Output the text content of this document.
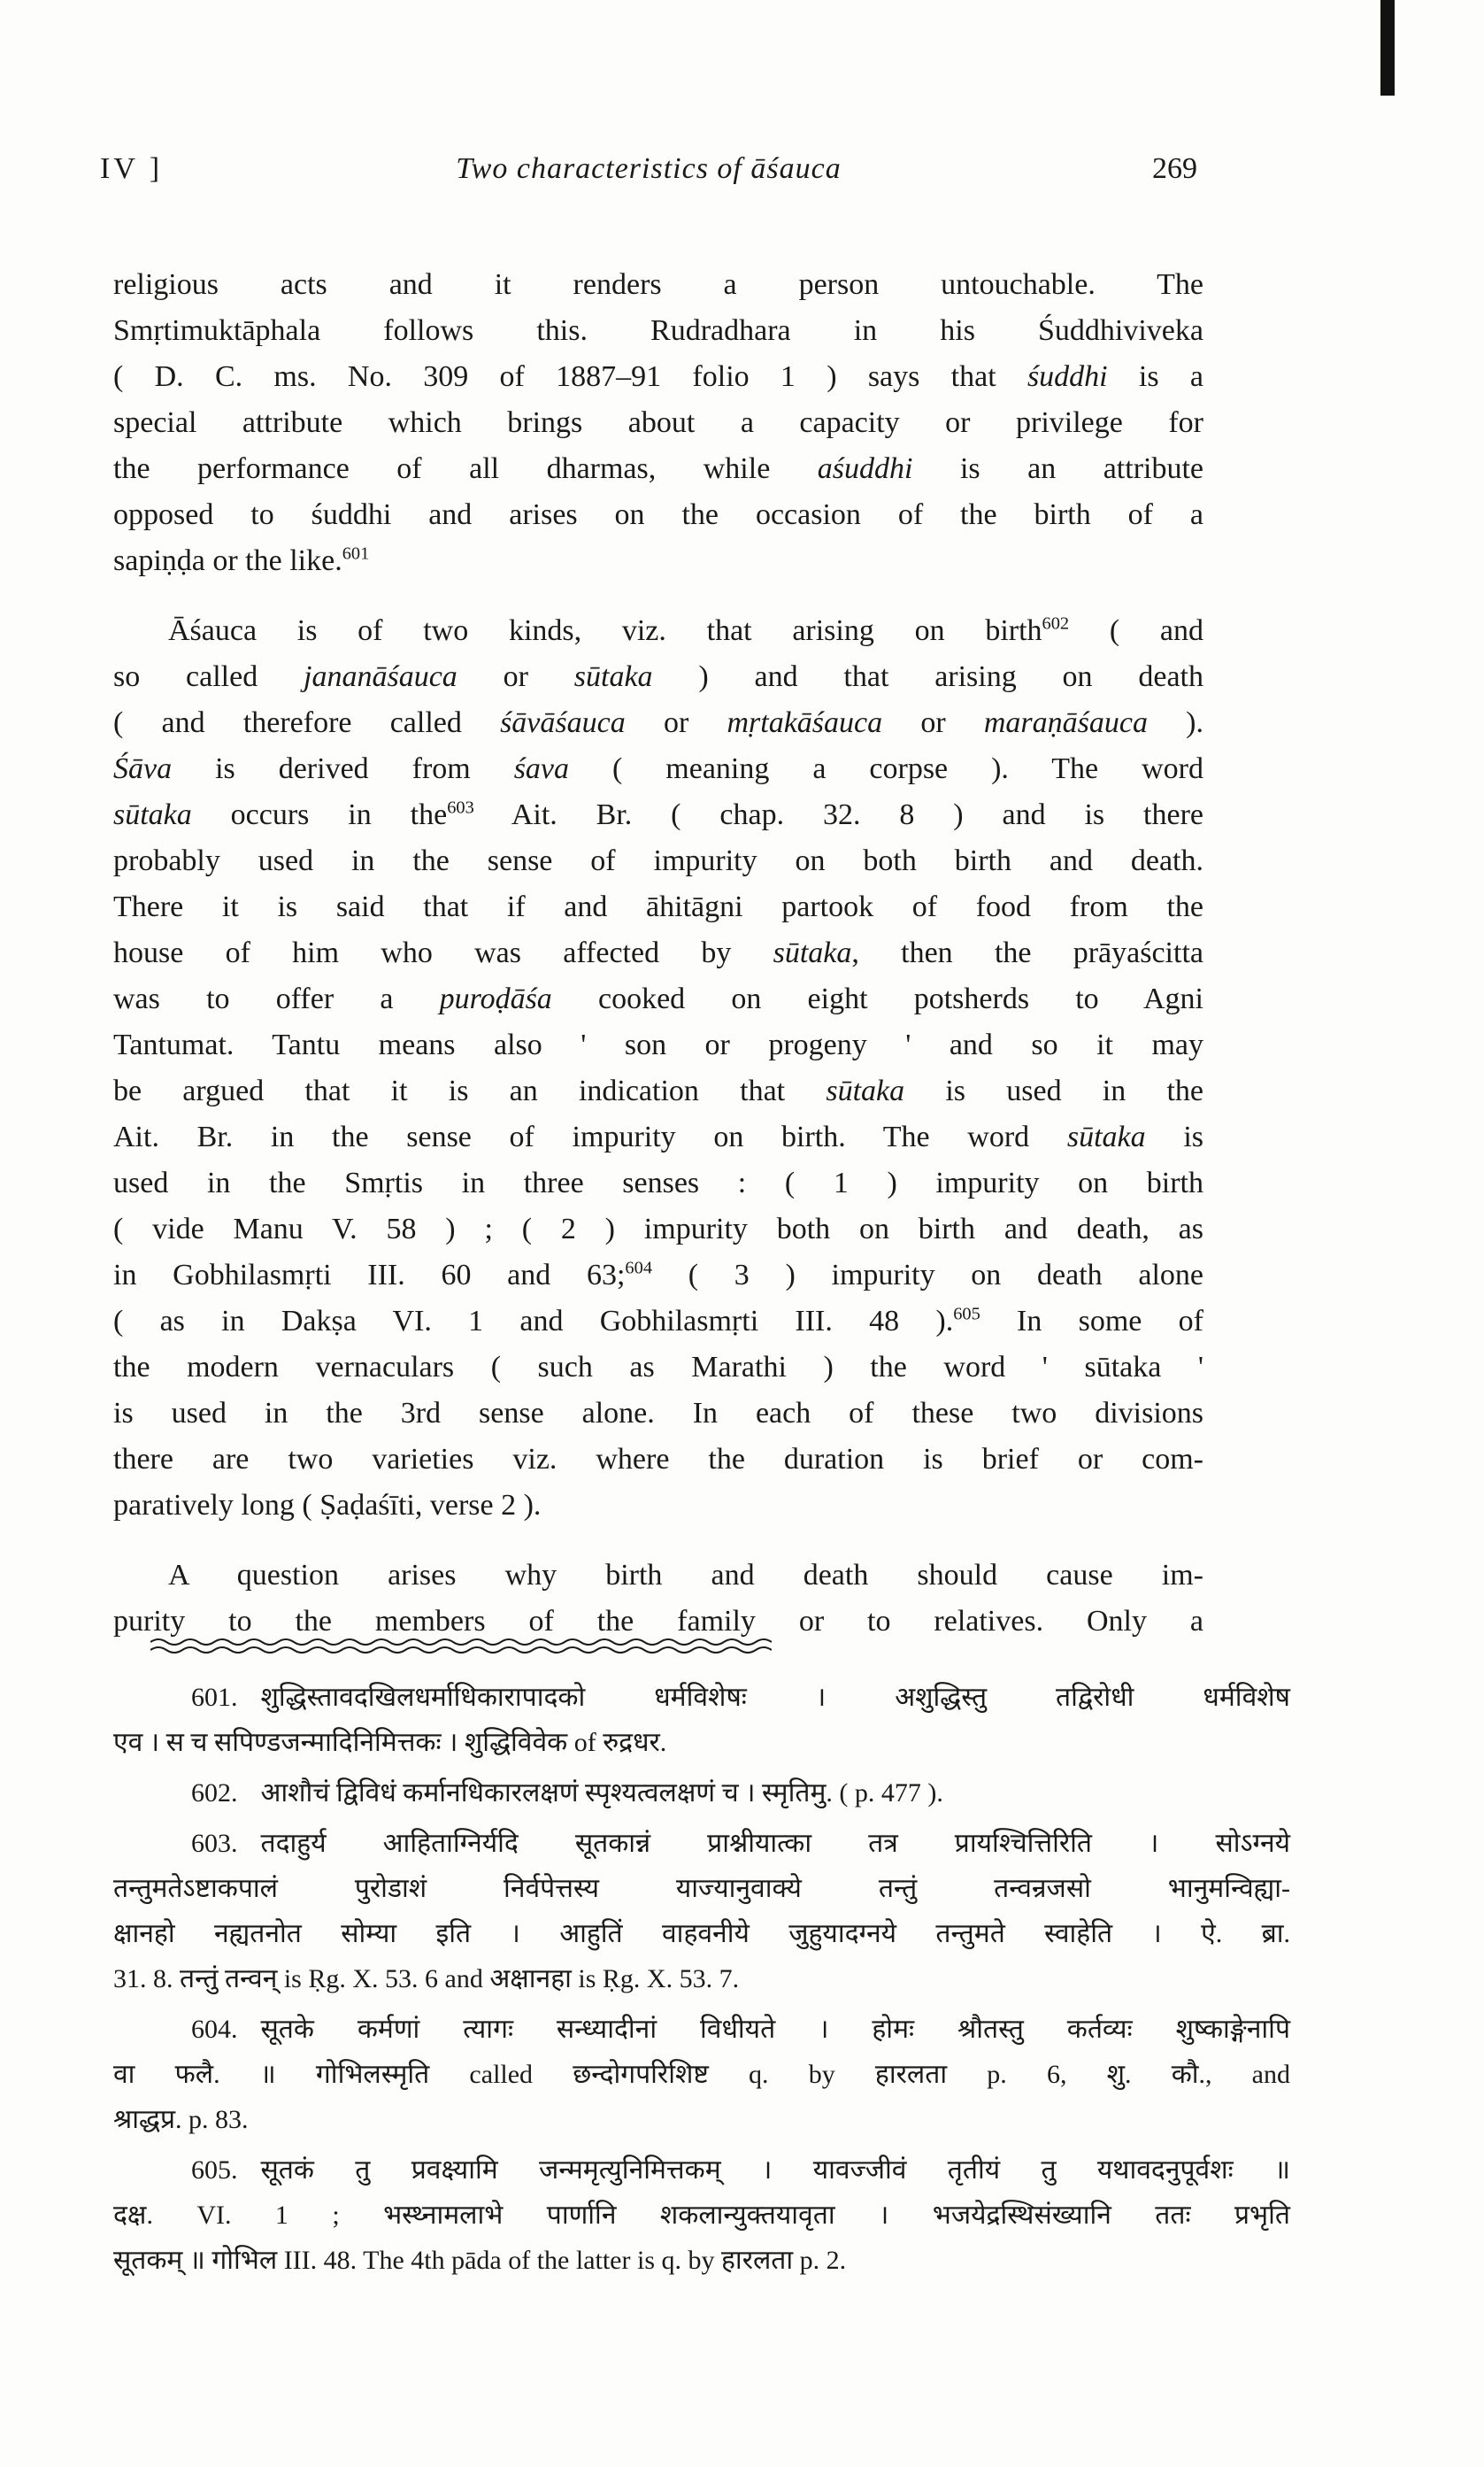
IV ]	Two characteristics of āśauca	269
religious acts and it renders a person untouchable. The
Smṛtimuktāphala follows this. Rudradhara in his Śuddhiviveka
( D. C. ms. No. 309 of 1887–91 folio 1 ) says that śuddhi is a
special attribute which brings about a capacity or privilege for
the performance of all dharmas, while aśuddhi is an attribute
opposed to śuddhi and arises on the occasion of the birth of a
sapiṇḍa or the like.$^{601}$
Āśauca is of two kinds, viz. that arising on birth$^{602}$ ( and
so called jananāśauca or sūtaka ) and that arising on death
( and therefore called śāvāśauca or mṛtakāśauca or maraṇāśauca ).
Śāva is derived from śava ( meaning a corpse ). The word
sūtaka occurs in the$^{603}$ Ait. Br. ( chap. 32. 8 ) and is there
probably used in the sense of impurity on both birth and death.
There it is said that if and āhitāgni partook of food from the
house of him who was affected by sūtaka, then the prāyaścitta
was to offer a puroḍāśa cooked on eight potsherds to Agni
Tantumat. Tantu means also ' son or progeny ' and so it may
be argued that it is an indication that sūtaka is used in the
Ait. Br. in the sense of impurity on birth. The word sūtaka is
used in the Smṛtis in three senses : ( 1 ) impurity on birth
( vide Manu V. 58 ) ; ( 2 ) impurity both on birth and death, as
in Gobhilasmṛti III. 60 and 63;$^{604}$ ( 3 ) impurity on death alone
( as in Dakṣa VI. 1 and Gobhilasmṛti III. 48 ).$^{605}$ In some of
the modern vernaculars ( such as Marathi ) the word ' sūtaka '
is used in the 3rd sense alone. In each of these two divisions
there are two varieties viz. where the duration is brief or com-
paratively long ( Ṣaḍaśīti, verse 2 ).
A question arises why birth and death should cause im-
purity to the members of the family or to relatives. Only a
601. शुद्धिस्तावदखिलधर्माधिकारापादको धर्मविशेषः । अशुद्धिस्तु तद्विरोधी धर्मविशेष
एव । स च सपिण्डजन्मादिनिमित्तकः । शुद्धिविवेक of रुद्रधर.
602. आशौचं द्विविधं कर्मानधिकारलक्षणं स्पृश्यत्वलक्षणं च । स्मृतिमु. ( p. 477 ).
603. तदाहुर्य आहिताग्निर्यदि सूतकान्नं प्राश्नीयात्का तत्र प्रायश्चित्तिरिति । सोऽग्नये
तन्तुमतेऽष्टाकपालं पुरोडाशं निर्वपेत्तस्य याज्यानुवाक्ये तन्तुं तन्वन्रजसो भानुमन्विह्या-
क्षानहो नह्यतनोत सोम्या इति । आहुतिं वाहवनीये जुहुयादग्नये तन्तुमते स्वाहेति । ऐ. ब्रा.
31. 8. तन्तुं तन्वन् is Ṛg. X. 53. 6 and अक्षानहा is Ṛg. X. 53. 7.
604. सूतके कर्मणां त्यागः सन्ध्यादीनां विधीयते । होमः श्रौतस्तु कर्तव्यः शुष्काङ्गेनापि
वा फलै. ॥ गोभिलस्मृति called छन्दोगपरिशिष्ट q. by हारलता p. 6, शु. कौ., and
श्राद्धप्र. p. 83.
605. सूतकं तु प्रवक्ष्यामि जन्ममृत्युनिमित्तकम् । यावज्जीवं तृतीयं तु यथावदनुपूर्वशः ॥
दक्ष. VI. 1 ; भस्थ्नामलाभे पार्णानि शकलान्युक्तयावृता । भजयेद्रस्थिसंख्यानि ततः प्रभृति
सूतकम् ॥ गोभिल III. 48. The 4th pāda of the latter is q. by हारलता p. 2.
